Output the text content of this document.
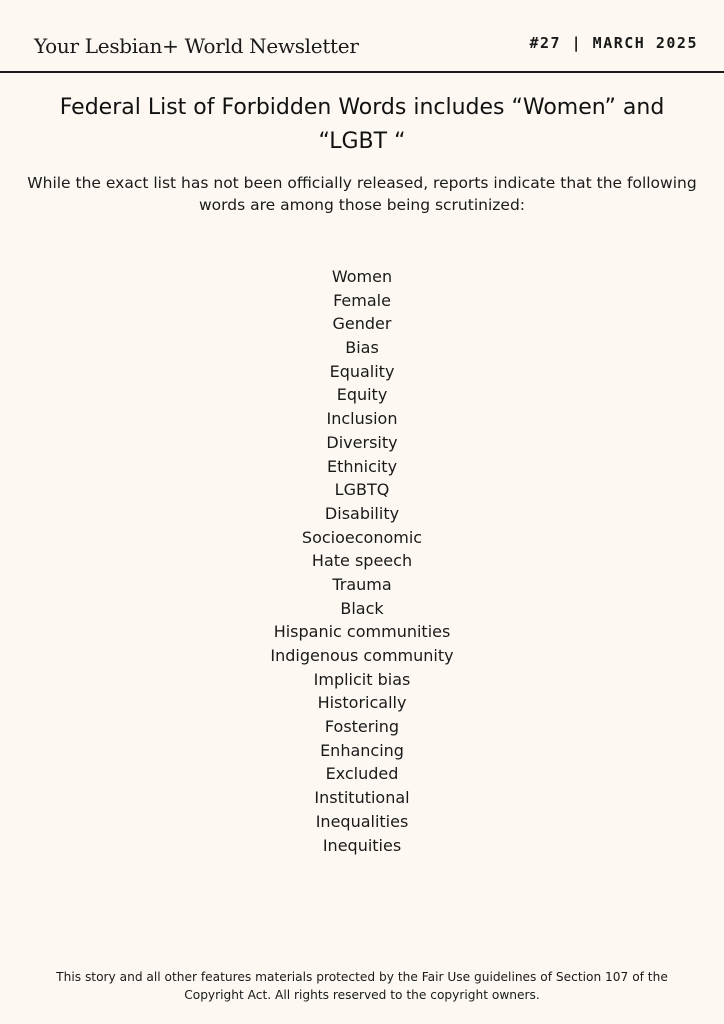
Your Lesbian+ World Newsletter	#27 | MARCH 2025
Federal List of Forbidden Words includes “Women” and “LGBT “

While the exact list has not been officially released, reports indicate that the following words are among those being scrutinized:

Women
Female
Gender
Bias
Equality
Equity
Inclusion
Diversity
Ethnicity
LGBTQ
Disability
Socioeconomic
Hate speech
Trauma
Black
Hispanic communities
Indigenous community
Implicit bias
Historically
Fostering
Enhancing
Excluded
Institutional
Inequalities
Inequities

This story and all other features materials protected by the Fair Use guidelines of Section 107 of the Copyright Act. All rights reserved to the copyright owners.
